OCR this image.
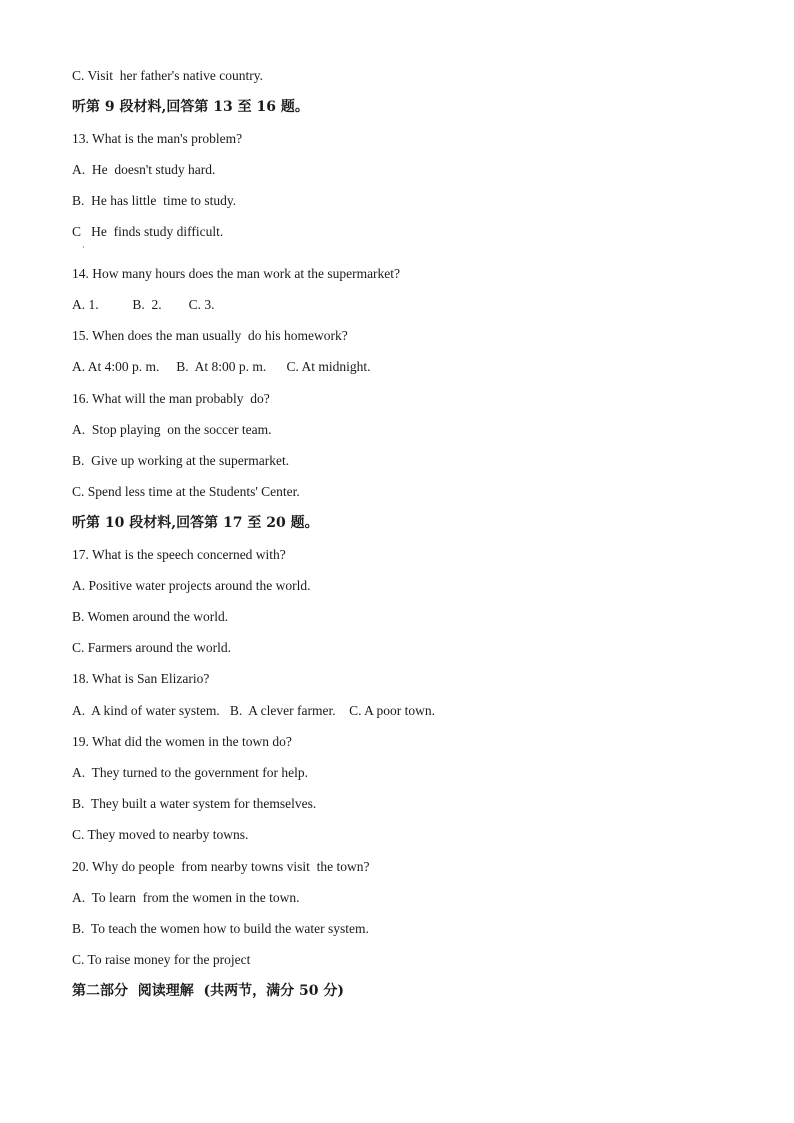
C. Visit  her father's native country.
听第 9 段材料,回答第 13 至 16 题。
13. What is the man's problem?
A.  He  doesn't study hard.
B.  He has little  time to study.
C   He  finds study difficult.
·
14. How many hours does the man work at the supermarket?
A. 1.          B.  2.        C. 3.
15. When does the man usually  do his homework?
A. At 4:00 p. m.     B.  At 8:00 p. m.      C. At midnight.
16. What will the man probably  do?
A.  Stop playing  on the soccer team.
B.  Give up working at the supermarket.
C. Spend less time at the Students' Center.
听第 10 段材料,回答第 17 至 20 题。
17. What is the speech concerned with?
A. Positive water projects around the world.
B. Women around the world.
C. Farmers around the world.
18. What is San Elizario?
A.  A kind of water system.   B.  A clever farmer.    C. A poor town.
19. What did the women in the town do?
A.  They turned to the government for help.
B.  They built a water system for themselves.
C. They moved to nearby towns.
20. Why do people  from nearby towns visit  the town?
A.  To learn  from the women in the town.
B.  To teach the women how to build the water system.
C. To raise money for the project
第二部分  阅读理解  (共两节，满分 50 分)
